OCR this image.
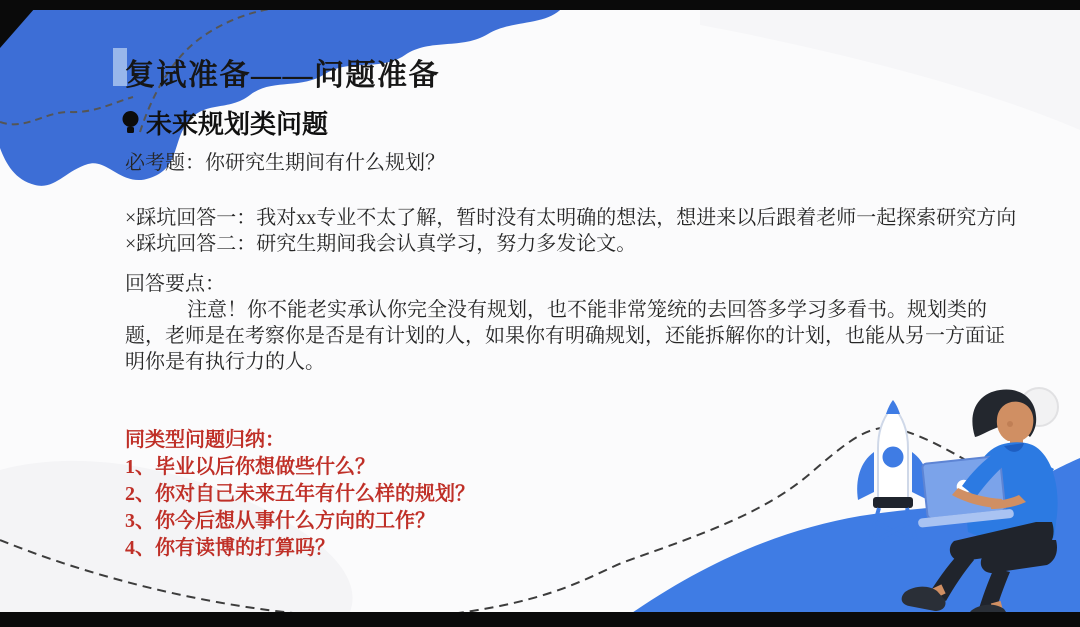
复试准备——问题准备
未来规划类问题

必考题：你研究生期间有什么规划？

×踩坑回答一：我对xx专业不太了解，暂时没有太明确的想法，想进来以后跟着老师一起探索研究方向

×踩坑回答二：研究生期间我会认真学习，努力多发论文。

回答要点：

注意！你不能老实承认你完全没有规划，也不能非常笼统的去回答多学习多看书。规划类的题，老师是在考察你是否是有计划的人，如果你有明确规划，还能拆解你的计划，也能从另一方面证明你是有执行力的人。

同类型问题归纳：
1、毕业以后你想做些什么？
2、你对自己未来五年有什么样的规划？
3、你今后想从事什么方向的工作？
4、你有读博的打算吗？
